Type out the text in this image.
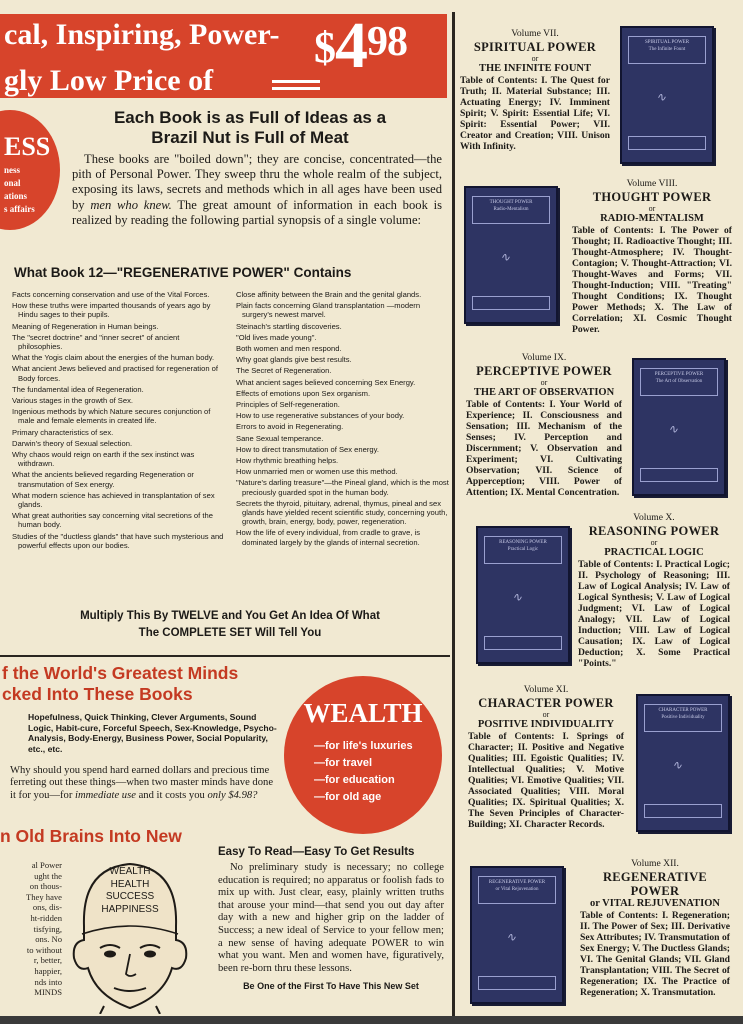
cal, Inspiring, Power-
gly Low Price of
$^{\$}4^{98}$
ESS
ness
onal
ations
s affairs
Each Book is as Full of Ideas as a
Brazil Nut is Full of Meat
These books are "boiled down"; they are concise, concentrated—the pith of Personal Power. They sweep thru the whole realm of the subject, exposing its laws, secrets and methods which in all ages have been used by men who knew. The great amount of information in each book is realized by reading the following partial synopsis of a single volume:
What Book 12—"REGENERATIVE POWER" Contains
Facts concerning conservation and use of the Vital Forces.
How these truths were imparted thousands of years ago by Hindu sages to their pupils.
Meaning of Regeneration in Human beings.
The "secret doctrine" and "inner secret" of ancient philosophies.
What the Yogis claim about the energies of the human body.
What ancient Jews believed and practised for regeneration of Body forces.
The fundamental idea of Regeneration.
Various stages in the growth of Sex.
Ingenious methods by which Nature secures conjunction of male and female elements in created life.
Primary characteristics of sex.
Darwin's theory of Sexual selection.
Why chaos would reign on earth if the sex instinct was withdrawn.
What the ancients believed regarding Regeneration or transmutation of Sex energy.
What modern science has achieved in transplantation of sex glands.
What great authorities say concerning vital secretions of the human body.
Studies of the "ductless glands" that have such mysterious and powerful effects upon our bodies.
Close affinity between the Brain and the genital glands.
Plain facts concerning Gland transplantation —modern surgery's newest marvel.
Steinach's startling discoveries.
"Old lives made young".
Both women and men respond.
Why goat glands give best results.
The Secret of Regeneration.
What ancient sages believed concerning Sex Energy.
Effects of emotions upon Sex organism.
Principles of Self-regeneration.
How to use regenerative substances of your body.
Errors to avoid in Regenerating.
Sane Sexual temperance.
How to direct transmutation of Sex energy.
How rhythmic breathing helps.
How unmarried men or women use this method.
"Nature's darling treasure"—the Pineal gland, which is the most preciously guarded spot in the human body.
Secrets the thyroid, pituitary, adrenal, thymus, pineal and sex glands have yielded recent scientific study, concerning youth, growth, brain, energy, body, power, regeneration.
How the life of every individual, from cradle to grave, is dominated largely by the glands of internal secretion.
Multiply This By TWELVE and You Get An Idea Of What
The COMPLETE SET Will Tell You
f the World's Greatest Minds
cked Into These Books
Hopefulness, Quick Thinking, Clever Arguments, Sound Logic, Habit-cure, Forceful Speech, Sex-Knowledge, Psycho-Analysis, Body-Energy, Business Power, Social Popularity, etc., etc.
Why should you spend hard earned dollars and precious time ferreting out these things—when two master minds have done it for you—for immediate use and it costs you only $4.98?
WEALTH
—for life's luxuries
—for travel
—for education
—for old age
n Old Brains Into New
al Power
ught the
on thous-
They have
ons, dis-
ht-ridden
tisfying,
ons. No
to without
r, better,
happier,
nds into
MINDS
WEALTH
HEALTH
SUCCESS
HAPPINESS
Easy To Read—Easy To Get Results
No preliminary study is necessary; no college education is required; no apparatus or foolish fads to mix up with. Just clear, easy, plainly written truths that arouse your mind—that send you out day after day with a new and higher grip on the ladder of Success; a new ideal of Service to your fellow men; a new sense of having adequate POWER to win what you want. Men and women have, figuratively, been re-born thru these lessons.
Be One of the First To Have This New Set
Volume VII.
SPIRITUAL POWER
or
THE INFINITE FOUNT
Table of Contents: I. The Quest for Truth; II. Material Substance; III. Actuating Energy; IV. Imminent Spirit; V. Spirit: Essential Life; VI. Spirit: Essential Power; VII. Creator and Creation; VIII. Unison With Infinity.
SPIRITUAL POWER
The Infinite Fount
∿
THOUGHT POWER
Radio-Mentalism
∿
Volume VIII.
THOUGHT POWER
or
RADIO-MENTALISM
Table of Contents: I. The Power of Thought; II. Radioactive Thought; III. Thought-Atmosphere; IV. Thought-Contagion; V. Thought-Attraction; VI. Thought-Waves and Forms; VII. Thought-Induction; VIII. "Treating" Thought Conditions; IX. Thought Power Methods; X. The Law of Correlation; XI. Cosmic Thought Power.
Volume IX.
PERCEPTIVE POWER
or
THE ART OF OBSERVATION
Table of Contents: I. Your World of Experience; II. Consciousness and Sensation; III. Mechanism of the Senses; IV. Perception and Discernment; V. Observation and Experiment; VI. Cultivating Observation; VII. Science of Apperception; VIII. Power of Attention; IX. Mental Concentration.
PERCEPTIVE POWER
The Art of Observation
∿
REASONING POWER
Practical Logic
∿
Volume X.
REASONING POWER
or
PRACTICAL LOGIC
Table of Contents: I. Practical Logic; II. Psychology of Reasoning; III. Law of Logical Analysis; IV. Law of Logical Synthesis; V. Law of Logical Judgment; VI. Law of Logical Analogy; VII. Law of Logical Induction; VIII. Law of Logical Causation; IX. Law of Logical Deduction; X. Some Practical "Points."
Volume XI.
CHARACTER POWER
or
POSITIVE INDIVIDUALITY
Table of Contents: I. Springs of Character; II. Positive and Negative Qualities; III. Egoistic Qualities; IV. Intellectual Qualities; V. Motive Qualities; VI. Emotive Qualities; VII. Associated Qualities; VIII. Moral Qualities; IX. Spiritual Qualities; X. The Seven Principles of Character-Building; XI. Character Records.
CHARACTER POWER
Positive Individuality
∿
REGENERATIVE POWER
or Vital Rejuvenation
∿
Volume XII.
REGENERATIVE POWER
or VITAL REJUVENATION
Table of Contents: I. Regeneration; II. The Power of Sex; III. Derivative Sex Attributes; IV. Transmutation of Sex Energy; V. The Ductless Glands; VI. The Genital Glands; VII. Gland Transplantation; VIII. The Secret of Regeneration; IX. The Practice of Regeneration; X. Transmutation.
